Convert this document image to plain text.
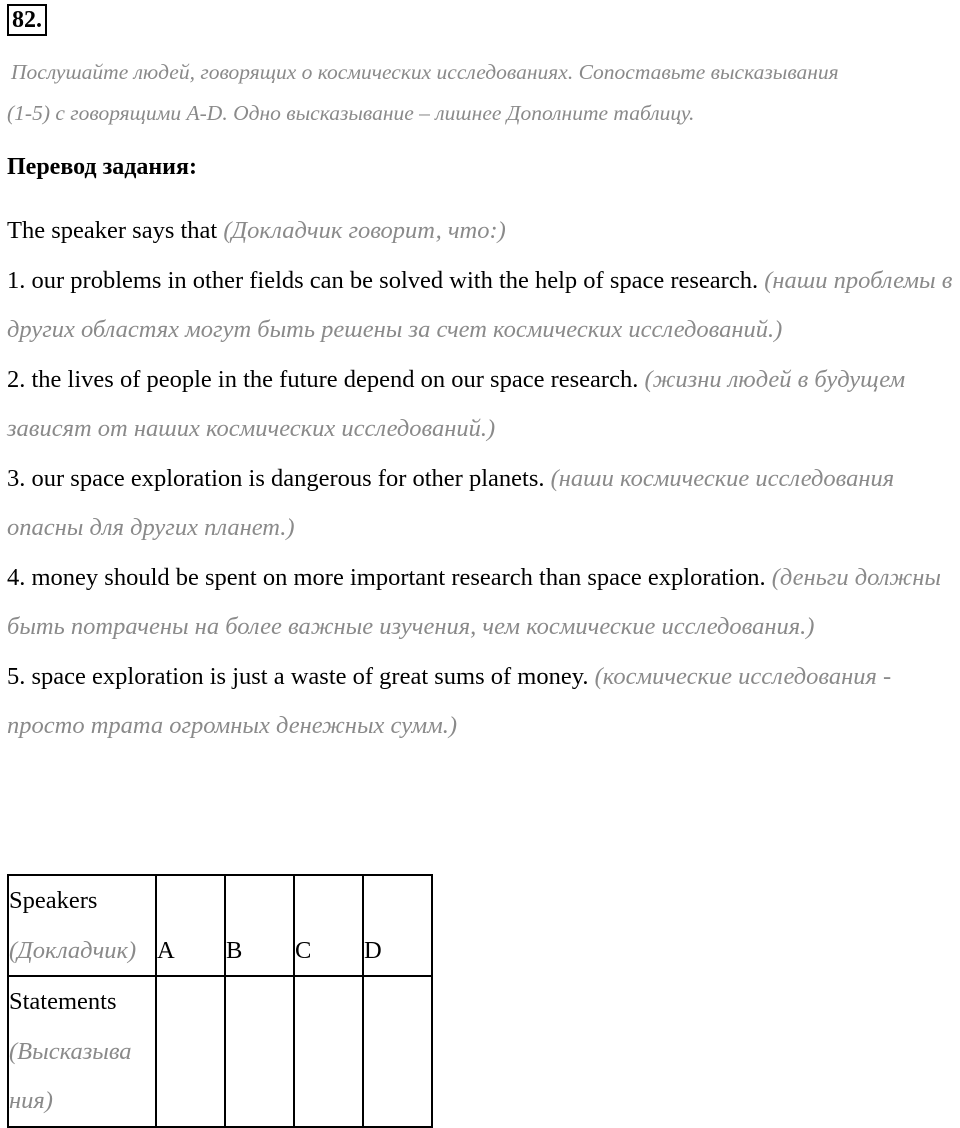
82.
Послушайте людей, говорящих о космических исследованиях. Сопоставьте высказывания
(1-5) с говорящими A-D. Одно высказывание – лишнее Дополните таблицу.
Перевод задания:

The speaker says that (Докладчик говорит, что:)

1. our problems in other fields can be solved with the help of space research. (наши проблемы в других областях могут быть решены за счет космических исследований.)

2. the lives of people in the future depend on our space research. (жизни людей в будущем зависят от наших космических исследований.)

3. our space exploration is dangerous for other planets. (наши космические исследования опасны для других планет.)

4. money should be spent on more important research than space exploration. (деньги должны быть потрачены на более важные изучения, чем космические исследования.)

5. space exploration is just a waste of great sums of money. (космические исследования - просто трата огромных денежных сумм.)

Speakers
(Докладчик)	A	B	C	D

Statements
(Высказыва ния)				
